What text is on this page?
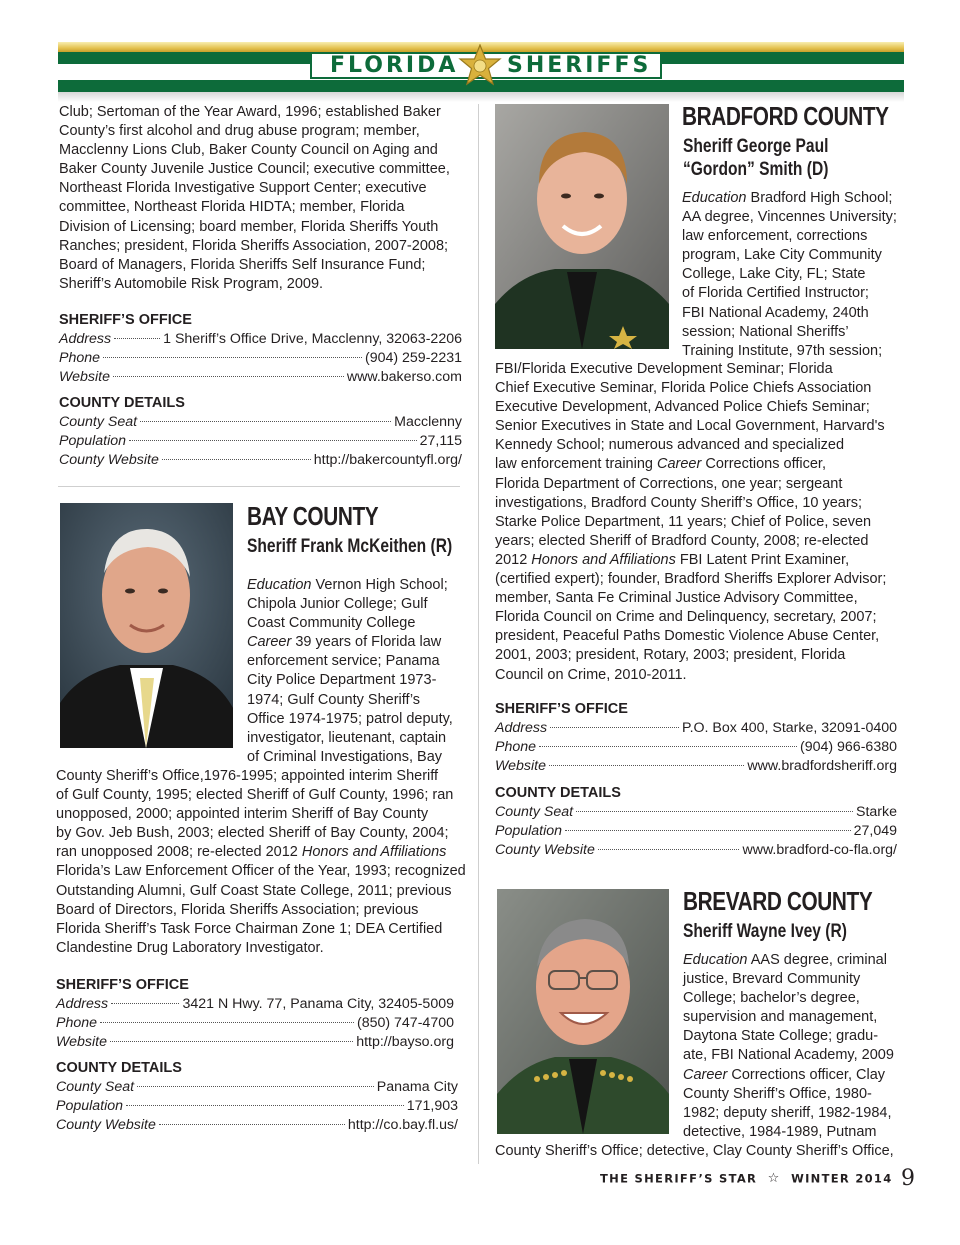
FLORIDA SHERIFFS
Club; Sertoman of the Year Award, 1996; established Baker
County’s first alcohol and drug abuse program; member,
Macclenny Lions Club, Baker County Council on Aging and
Baker County Juvenile Justice Council; executive committee,
Northeast Florida Investigative Support Center; executive
committee, Northeast Florida HIDTA; member, Florida
Division of Licensing; board member, Florida Sheriffs Youth
Ranches; president, Florida Sheriffs Association, 2007-2008;
Board of Managers, Florida Sheriffs Self Insurance Fund;
Sheriff’s Automobile Risk Program, 2009.
SHERIFF’S OFFICE
Address	1 Sheriff’s Office Drive, Macclenny, 32063-2206
Phone	(904) 259-2231
Website	www.bakerso.com
COUNTY DETAILS
County Seat	Macclenny
Population	27,115
County Website	http://bakercountyfl.org/
BAY COUNTY
Sheriff Frank McKeithen (R)
Education Vernon High School;
Chipola Junior College; Gulf
Coast Community College
Career 39 years of Florida law
enforcement service; Panama
City Police Department 1973-
1974; Gulf County Sheriff’s
Office 1974-1975; patrol deputy,
investigator, lieutenant, captain
of Criminal Investigations, Bay
County Sheriff’s Office,1976-1995; appointed interim Sheriff
of Gulf County, 1995; elected Sheriff of Gulf County, 1996; ran
unopposed, 2000; appointed interim Sheriff of Bay County
by Gov. Jeb Bush, 2003; elected Sheriff of Bay County, 2004;
ran unopposed 2008; re-elected 2012 Honors and Affiliations
Florida’s Law Enforcement Officer of the Year, 1993; recognized
Outstanding Alumni, Gulf Coast State College, 2011; previous
Board of Directors, Florida Sheriffs Association; previous
Florida Sheriff’s Task Force Chairman Zone 1; DEA Certified
Clandestine Drug Laboratory Investigator.
SHERIFF’S OFFICE
Address	3421 N Hwy. 77, Panama City, 32405-5009
Phone	(850) 747-4700
Website	http://bayso.org
COUNTY DETAILS
County Seat	Panama City
Population	171,903
County Website	http://co.bay.fl.us/
BRADFORD COUNTY
Sheriff George Paul
“Gordon” Smith (D)
Education Bradford High School;
AA degree, Vincennes University;
law enforcement, corrections
program, Lake City Community
College, Lake City, FL; State
of Florida Certified Instructor;
FBI National Academy, 240th
session; National Sheriffs’
Training Institute, 97th session;
FBI/Florida Executive Development Seminar; Florida
Chief Executive Seminar, Florida Police Chiefs Association
Executive Development, Advanced Police Chiefs Seminar;
Senior Executives in State and Local Government, Harvard's
Kennedy School; numerous advanced and specialized
law enforcement training Career Corrections officer,
Florida Department of Corrections, one year; sergeant
investigations, Bradford County Sheriff’s Office, 10 years;
Starke Police Department, 11 years; Chief of Police, seven
years; elected Sheriff of Bradford County, 2008; re-elected
2012 Honors and Affiliations FBI Latent Print Examiner,
(certified expert); founder, Bradford Sheriffs Explorer Advisor;
member, Santa Fe Criminal Justice Advisory Committee,
Florida Council on Crime and Delinquency, secretary, 2007;
president, Peaceful Paths Domestic Violence Abuse Center,
2001, 2003; president, Rotary, 2003; president, Florida
Council on Crime, 2010-2011.
SHERIFF’S OFFICE
Address	P.O. Box 400, Starke, 32091-0400
Phone	(904) 966-6380
Website	www.bradfordsheriff.org
COUNTY DETAILS
County Seat	Starke
Population	27,049
County Website	www.bradford-co-fla.org/
BREVARD COUNTY
Sheriff Wayne Ivey (R)
Education AAS degree, criminal
justice, Brevard Community
College; bachelor’s degree,
supervision and management,
Daytona State College; gradu-
ate, FBI National Academy, 2009
Career Corrections officer, Clay
County Sheriff’s Office, 1980-
1982; deputy sheriff, 1982-1984,
detective, 1984-1989, Putnam
County Sheriff’s Office; detective, Clay County Sheriff’s Office,
THE SHERIFF’S STAR ☆ WINTER 2014 9
